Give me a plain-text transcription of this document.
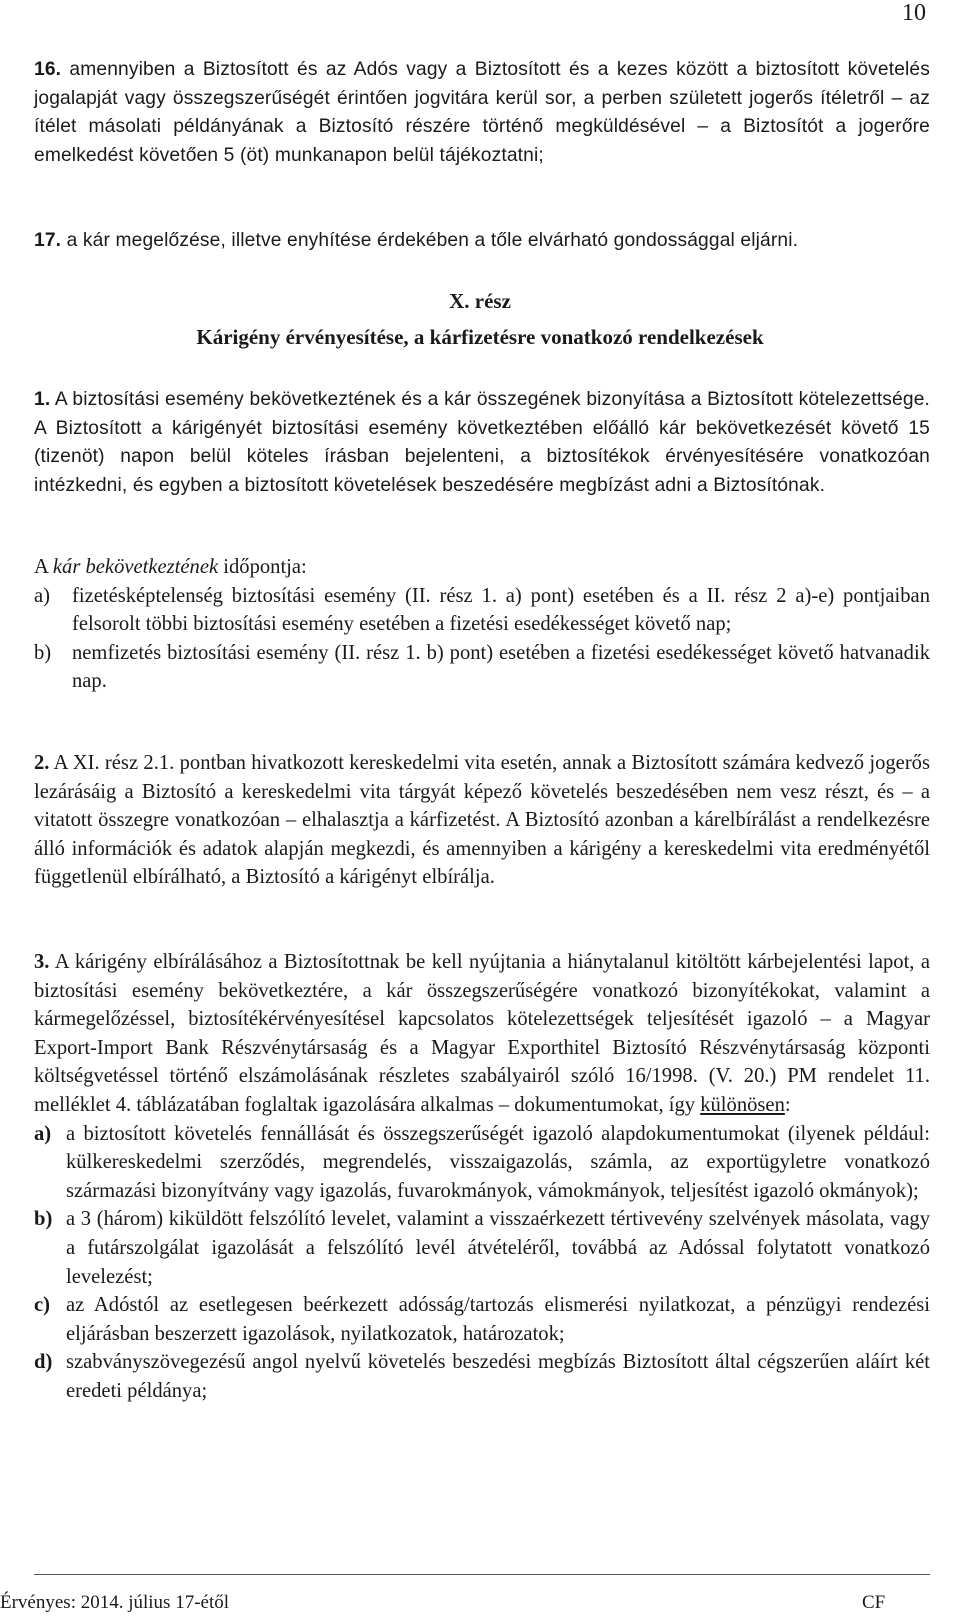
10

16. amennyiben a Biztosított és az Adós vagy a Biztosított és a kezes között a biztosított követelés jogalapját vagy összegszerűségét érintően jogvitára kerül sor, a perben született jogerős ítéletről – az ítélet másolati példányának a Biztosító részére történő megküldésével – a Biztosítót a jogerőre emelkedést követően 5 (öt) munkanapon belül tájékoztatni;

17. a kár megelőzése, illetve enyhítése érdekében a tőle elvárható gondossággal eljárni.

X. rész
Kárigény érvényesítése, a kárfizetésre vonatkozó rendelkezések

1. A biztosítási esemény bekövetkeztének és a kár összegének bizonyítása a Biztosított kötelezettsége. A Biztosított a kárigényét biztosítási esemény következtében előálló kár bekövetkezését követő 15 (tizenöt) napon belül köteles írásban bejelenteni, a biztosítékok érvényesítésére vonatkozóan intézkedni, és egyben a biztosított követelések beszedésére megbízást adni a Biztosítónak.

A kár bekövetkeztének időpontja:

a)	fizetésképtelenség biztosítási esemény (II. rész 1. a) pont) esetében és a II. rész 2 a)-e) pontjaiban felsorolt többi biztosítási esemény esetében a fizetési esedékességet követő nap;
b)	nemfizetés biztosítási esemény (II. rész 1. b) pont) esetében a fizetési esedékességet követő hatvanadik nap.

2. A XI. rész 2.1. pontban hivatkozott kereskedelmi vita esetén, annak a Biztosított számára kedvező jogerős lezárásáig a Biztosító a kereskedelmi vita tárgyát képező követelés beszedésében nem vesz részt, és – a vitatott összegre vonatkozóan – elhalasztja a kárfizetést. A Biztosító azonban a kárelbírálást a rendelkezésre álló információk és adatok alapján megkezdi, és amennyiben a kárigény a kereskedelmi vita eredményétől függetlenül elbírálható, a Biztosító a kárigényt elbírálja.

3. A kárigény elbírálásához a Biztosítottnak be kell nyújtania a hiánytalanul kitöltött kárbejelentési lapot, a biztosítási esemény bekövetkeztére, a kár összegszerűségére vonatkozó bizonyítékokat, valamint a kármegelőzéssel, biztosítékérvényesítésel kapcsolatos kötelezettségek teljesítését igazoló – a Magyar Export-Import Bank Részvénytársaság és a Magyar Exporthitel Biztosító Részvénytársaság központi költségvetéssel történő elszámolásának részletes szabályairól szóló 16/1998. (V. 20.) PM rendelet 11. melléklet 4. táblázatában foglaltak igazolására alkalmas – dokumentumokat, így különösen:

a) a biztosított követelés fennállását és összegszerűségét igazoló alapdokumentumokat (ilyenek például: külkereskedelmi szerződés, megrendelés, visszaigazolás, számla, az exportügyletre vonatkozó származási bizonyítvány vagy igazolás, fuvarokmányok, vámokmányok, teljesítést igazoló okmányok);
b) a 3 (három) kiküldött felszólító levelet, valamint a visszaérkezett tértivevény szelvények másolata, vagy a futárszolgálat igazolását a felszólító levél átvételéről, továbbá az Adóssal folytatott vonatkozó levelezést;
c) az Adóstól az esetlegesen beérkezett adósság/tartozás elismerési nyilatkozat, a pénzügyi rendezési eljárásban beszerzett igazolások, nyilatkozatok, határozatok;
d) szabványszövegezésű angol nyelvű követelés beszedési megbízás Biztosított által cégszerűen aláírt két eredeti példánya;
Érvényes: 2014. július 17-étől	CF
